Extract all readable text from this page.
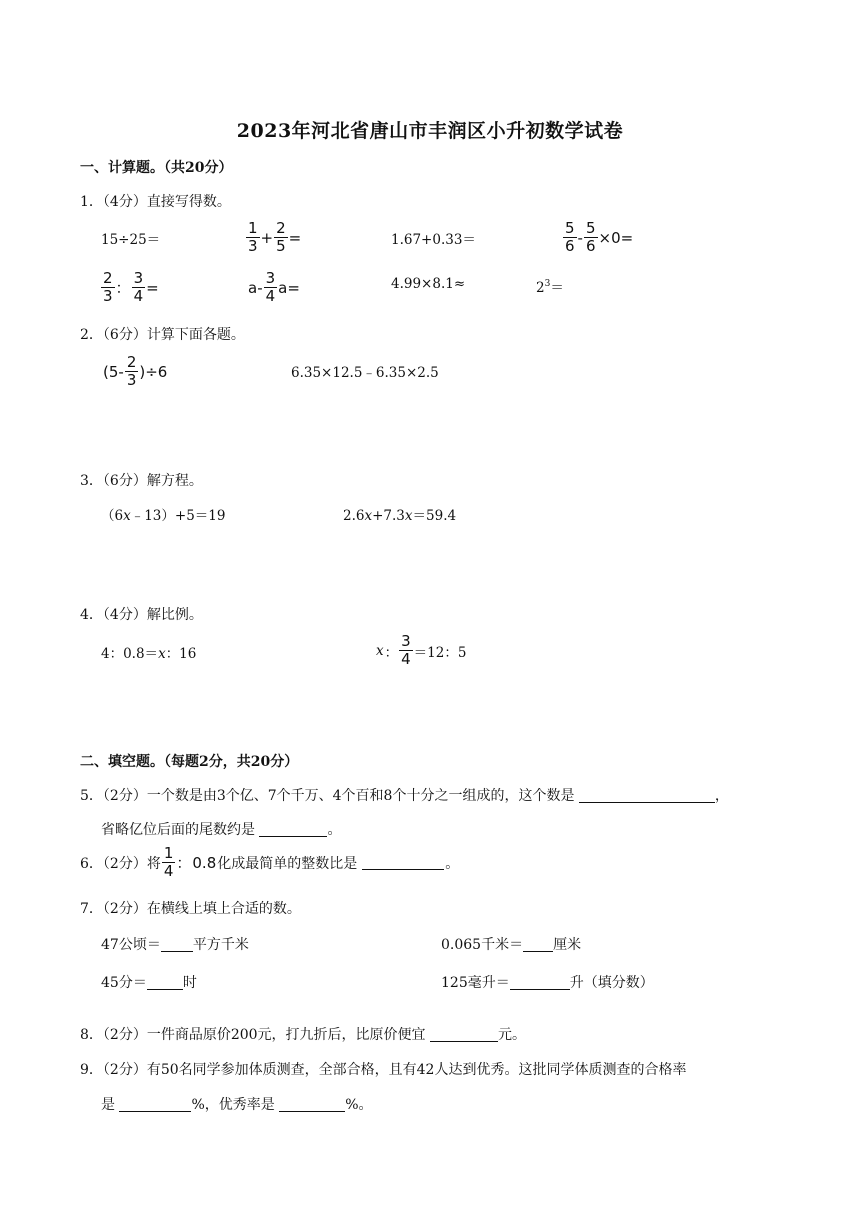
2023年河北省唐山市丰润区小升初数学试卷
一、计算题。（共20分）
1．（4分）直接写得数。
15÷25＝	$\frac{1}{3} + \frac{2}{5}$ =	1.67+0.33＝	$\frac{5}{6} - \frac{5}{6} \times 0=$
$\frac{2}{3}$ ： $\frac{3}{4}$ =	$a- \frac{3}{4} a=$	4.99×8.1≈	$2^3=$
2．（6分）计算下面各题。
$(5- \frac{2}{3} )\div 6$	6.35×12.5﹣6.35×2.5
3．（6分）解方程。
（6x﹣13）+5＝19	2.6x+7.3x＝59.4
4．（4分）解比例。
4：0.8＝x：16	x ： $\frac{3}{4} =12$：5
二、填空题。（每题2分，共20分）
5．（2分）一个数是由3个亿、7个千万、4个百和8个十分之一组成的，这个数是	，
省略亿位后面的尾数约是	。
6．（2分）将 $\frac{1}{4}$ ： 0.8 化成最简单的整数比是	。
7．（2分）在横线上填上合适的数。
47公顷＝ 平方千米	0.065千米＝ 厘米
45分＝	时	125毫升＝	升（填分数）
8．（2分）一件商品原价200元，打九折后，比原价便宜	元。
9．（2分）有50名同学参加体质测查，全部合格，且有42人达到优秀。这批同学体质测查的合格率
是	%，优秀率是	%。
